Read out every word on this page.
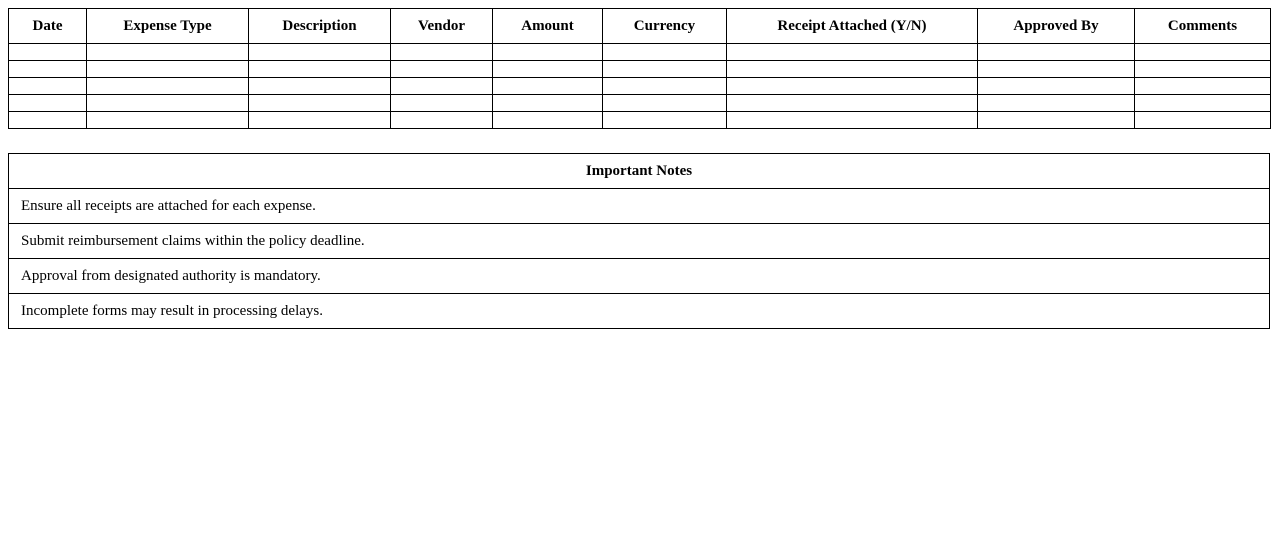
Date	Expense Type	Description	Vendor	Amount	Currency	Receipt Attached (Y/N)	Approved By	Comments

Important Notes
Ensure all receipts are attached for each expense.
Submit reimbursement claims within the policy deadline.
Approval from designated authority is mandatory.
Incomplete forms may result in processing delays.
